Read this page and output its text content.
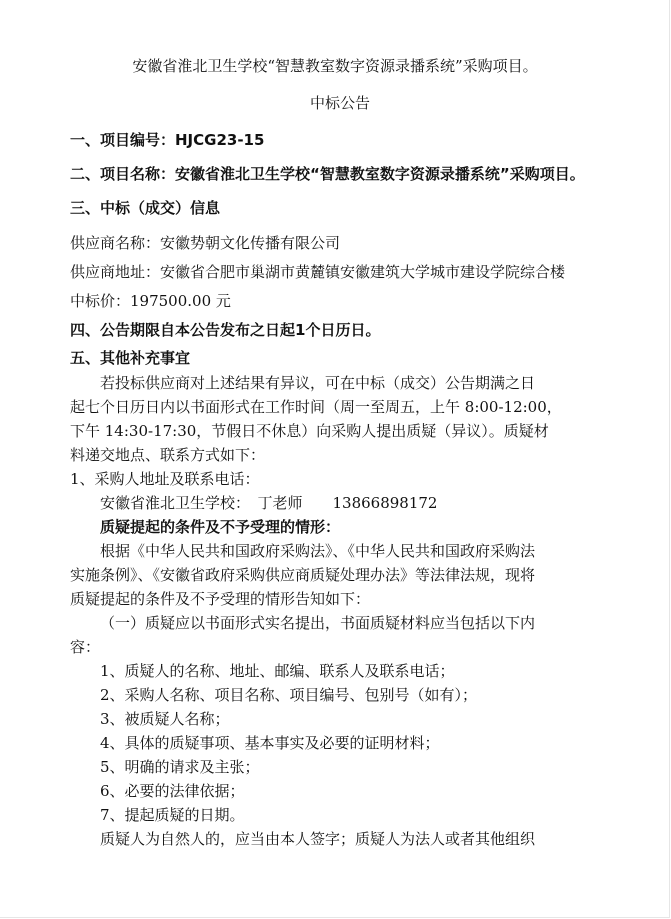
安徽省淮北卫生学校“智慧教室数字资源录播系统”采购项目。
中标公告
一、项目编号：HJCG23-15
二、项目名称：安徽省淮北卫生学校“智慧教室数字资源录播系统”采购项目。
三、中标（成交）信息
供应商名称：安徽势朝文化传播有限公司
供应商地址：安徽省合肥市巢湖市黄麓镇安徽建筑大学城市建设学院综合楼
中标价：197500.00 元
四、公告期限自本公告发布之日起1个日历日。
五、其他补充事宜
若投标供应商对上述结果有异议，可在中标（成交）公告期满之日
起七个日历日内以书面形式在工作时间（周一至周五，上午 8:00-12:00，
下午 14:30-17:30，节假日不休息）向采购人提出质疑（异议）。质疑材
料递交地点、联系方式如下：
1、采购人地址及联系电话：
安徽省淮北卫生学校：　丁老师　　13866898172
质疑提起的条件及不予受理的情形：
根据《中华人民共和国政府采购法》、《中华人民共和国政府采购法
实施条例》、《安徽省政府采购供应商质疑处理办法》等法律法规，现将
质疑提起的条件及不予受理的情形告知如下：
（一）质疑应以书面形式实名提出，书面质疑材料应当包括以下内
容：
1、质疑人的名称、地址、邮编、联系人及联系电话；
2、采购人名称、项目名称、项目编号、包别号（如有）；
3、被质疑人名称；
4、具体的质疑事项、基本事实及必要的证明材料；
5、明确的请求及主张；
6、必要的法律依据；
7、提起质疑的日期。
质疑人为自然人的，应当由本人签字；质疑人为法人或者其他组织
